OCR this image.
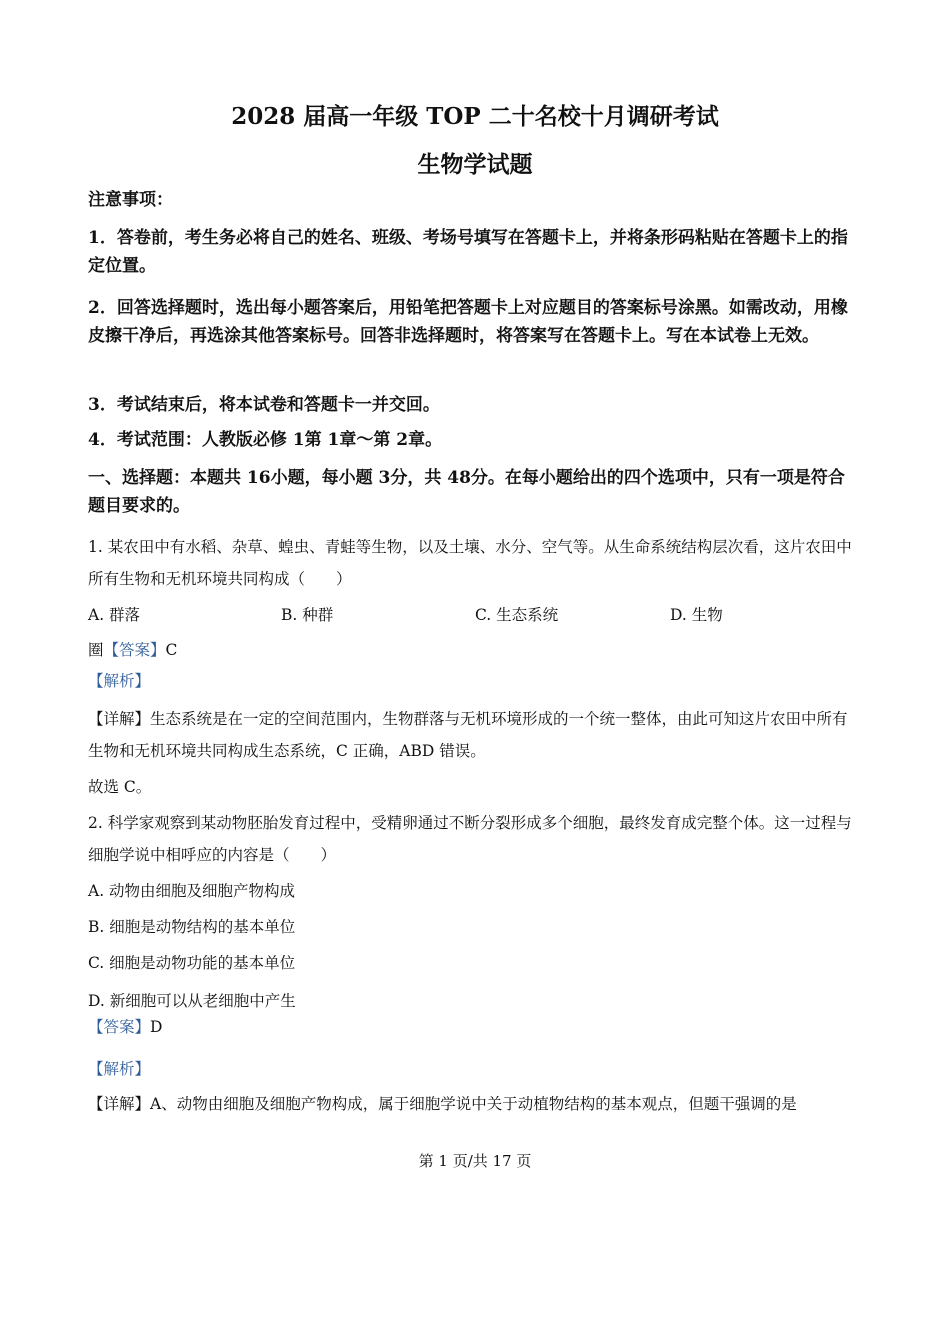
2028 届高一年级 TOP 二十名校十月调研考试
生物学试题
注意事项：
1．答卷前，考生务必将自己的姓名、班级、考场号填写在答题卡上，并将条形码粘贴在答题卡上的指定位置。
2．回答选择题时，选出每小题答案后，用铅笔把答题卡上对应题目的答案标号涂黑。如需改动，用橡皮擦干净后，再选涂其他答案标号。回答非选择题时，将答案写在答题卡上。写在本试卷上无效。
3．考试结束后，将本试卷和答题卡一并交回。
4．考试范围：人教版必修 1第 1章～第 2章。
一、选择题：本题共 16小题，每小题 3分，共 48分。在每小题给出的四个选项中，只有一项是符合题目要求的。
1. 某农田中有水稻、杂草、蝗虫、青蛙等生物，以及土壤、水分、空气等。从生命系统结构层次看，这片农田中所有生物和无机环境共同构成（　　）
A. 群落	B. 种群	C. 生态系统	D. 生物
圈【答案】C
【解析】
【详解】生态系统是在一定的空间范围内，生物群落与无机环境形成的一个统一整体，由此可知这片农田中所有生物和无机环境共同构成生态系统，C 正确，ABD 错误。
故选 C。
2. 科学家观察到某动物胚胎发育过程中，受精卵通过不断分裂形成多个细胞，最终发育成完整个体。这一过程与细胞学说中相呼应的内容是（　　）
A. 动物由细胞及细胞产物构成
B. 细胞是动物结构的基本单位
C. 细胞是动物功能的基本单位
D. 新细胞可以从老细胞中产生
【答案】D
【解析】
【详解】A、动物由细胞及细胞产物构成，属于细胞学说中关于动植物结构的基本观点，但题干强调的是
第 1 页/共 17 页
